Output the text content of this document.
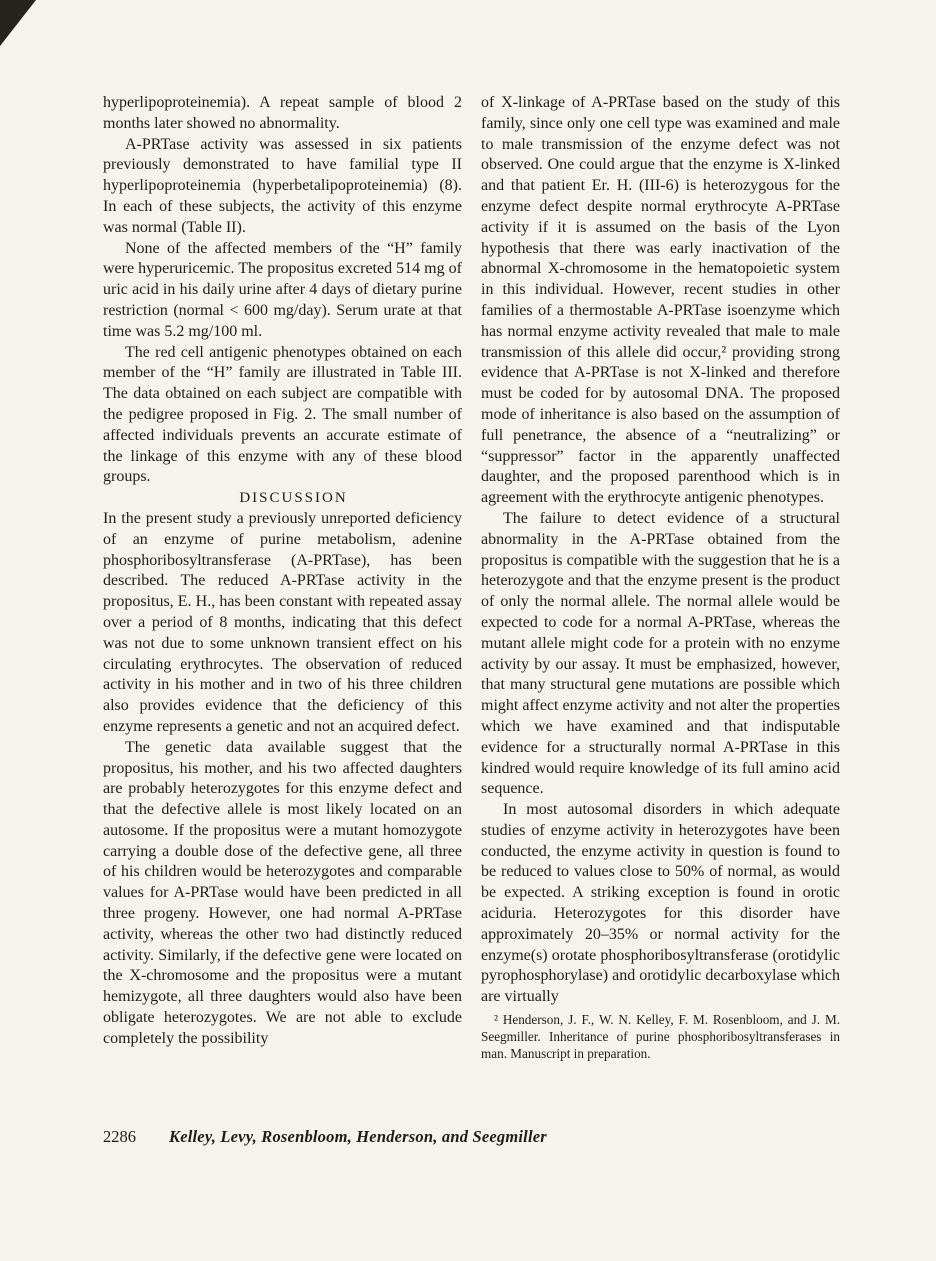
hyperlipoproteinemia). A repeat sample of blood 2 months later showed no abnormality.

A-PRTase activity was assessed in six patients previously demonstrated to have familial type II hyperlipoproteinemia (hyperbetalipoproteinemia) (8). In each of these subjects, the activity of this enzyme was normal (Table II).

None of the affected members of the “H” family were hyperuricemic. The propositus excreted 514 mg of uric acid in his daily urine after 4 days of dietary purine restriction (normal < 600 mg/day). Serum urate at that time was 5.2 mg/100 ml.

The red cell antigenic phenotypes obtained on each member of the “H” family are illustrated in Table III. The data obtained on each subject are compatible with the pedigree proposed in Fig. 2. The small number of affected individuals prevents an accurate estimate of the linkage of this enzyme with any of these blood groups.

DISCUSSION

In the present study a previously unreported deficiency of an enzyme of purine metabolism, adenine phosphoribosyltransferase (A-PRTase), has been described. The reduced A-PRTase activity in the propositus, E. H., has been constant with repeated assay over a period of 8 months, indicating that this defect was not due to some unknown transient effect on his circulating erythrocytes. The observation of reduced activity in his mother and in two of his three children also provides evidence that the deficiency of this enzyme represents a genetic and not an acquired defect.

The genetic data available suggest that the propositus, his mother, and his two affected daughters are probably heterozygotes for this enzyme defect and that the defective allele is most likely located on an autosome. If the propositus were a mutant homozygote carrying a double dose of the defective gene, all three of his children would be heterozygotes and comparable values for A-PRTase would have been predicted in all three progeny. However, one had normal A-PRTase activity, whereas the other two had distinctly reduced activity. Similarly, if the defective gene were located on the X-chromosome and the propositus were a mutant hemizygote, all three daughters would also have been obligate heterozygotes. We are not able to exclude completely the possibility

of X-linkage of A-PRTase based on the study of this family, since only one cell type was examined and male to male transmission of the enzyme defect was not observed. One could argue that the enzyme is X-linked and that patient Er. H. (III-6) is heterozygous for the enzyme defect despite normal erythrocyte A-PRTase activity if it is assumed on the basis of the Lyon hypothesis that there was early inactivation of the abnormal X-chromosome in the hematopoietic system in this individual. However, recent studies in other families of a thermostable A-PRTase isoenzyme which has normal enzyme activity revealed that male to male transmission of this allele did occur,² providing strong evidence that A-PRTase is not X-linked and therefore must be coded for by autosomal DNA. The proposed mode of inheritance is also based on the assumption of full penetrance, the absence of a “neutralizing” or “suppressor” factor in the apparently unaffected daughter, and the proposed parenthood which is in agreement with the erythrocyte antigenic phenotypes.

The failure to detect evidence of a structural abnormality in the A-PRTase obtained from the propositus is compatible with the suggestion that he is a heterozygote and that the enzyme present is the product of only the normal allele. The normal allele would be expected to code for a normal A-PRTase, whereas the mutant allele might code for a protein with no enzyme activity by our assay. It must be emphasized, however, that many structural gene mutations are possible which might affect enzyme activity and not alter the properties which we have examined and that indisputable evidence for a structurally normal A-PRTase in this kindred would require knowledge of its full amino acid sequence.

In most autosomal disorders in which adequate studies of enzyme activity in heterozygotes have been conducted, the enzyme activity in question is found to be reduced to values close to 50% of normal, as would be expected. A striking exception is found in orotic aciduria. Heterozygotes for this disorder have approximately 20–35% or normal activity for the enzyme(s) orotate phosphoribosyltransferase (orotidylic pyrophosphorylase) and orotidylic decarboxylase which are virtually

² Henderson, J. F., W. N. Kelley, F. M. Rosenbloom, and J. M. Seegmiller. Inheritance of purine phosphoribosyltransferases in man. Manuscript in preparation.
2286 Kelley, Levy, Rosenbloom, Henderson, and Seegmiller
